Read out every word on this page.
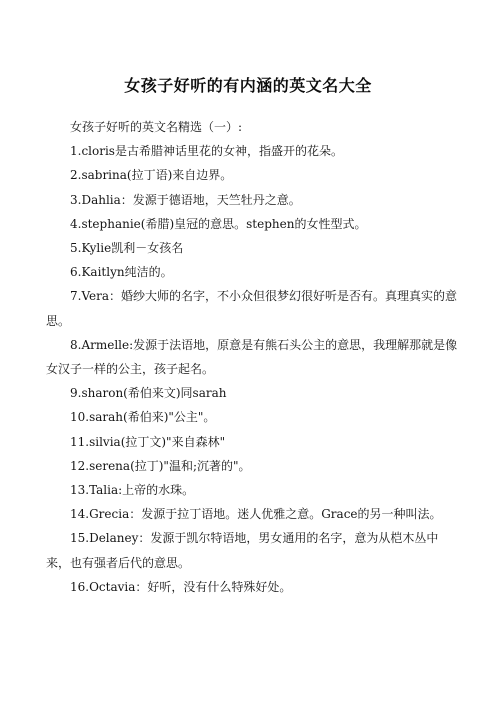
女孩子好听的有内涵的英文名大全

女孩子好听的英文名精选（一）:

1.cloris是古希腊神话里花的女神，指盛开的花朵。

2.sabrina(拉丁语)来自边界。

3.Dahlia：发源于德语地，天竺牡丹之意。

4.stephanie(希腊)皇冠的意思。stephen的女性型式。

5.Kylie凯利－女孩名

6.Kaitlyn纯洁的。

7.Vera：婚纱大师的名字，不小众但很梦幻很好听是否有。真理真实的意思。

8.Armelle:发源于法语地，原意是有熊石头公主的意思，我理解那就是像女汉子一样的公主，孩子起名。

9.sharon(希伯来文)同sarah

10.sarah(希伯来)"公主"。

11.silvia(拉丁文)"来自森林"

12.serena(拉丁)"温和;沉著的"。

13.Talia:上帝的水珠。

14.Grecia：发源于拉丁语地。迷人优雅之意。Grace的另一种叫法。

15.Delaney：发源于凯尔特语地，男女通用的名字，意为从桤木丛中来，也有强者后代的意思。

16.Octavia：好听，没有什么特殊好处。
